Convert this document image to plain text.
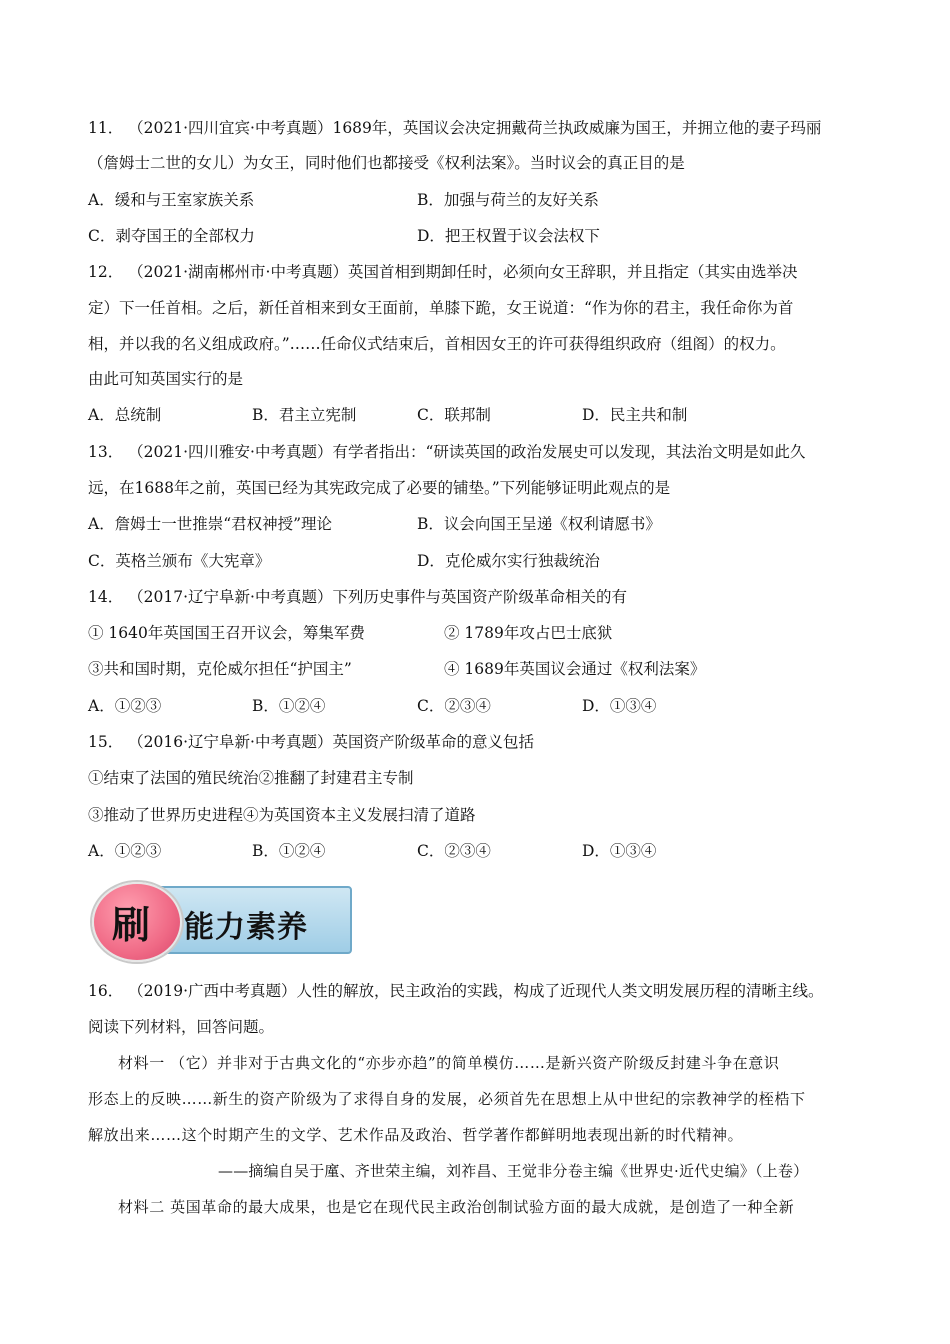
11． （2021·四川宜宾·中考真题）1689年，英国议会决定拥戴荷兰执政威廉为国王，并拥立他的妻子玛丽
（詹姆士二世的女儿）为女王，同时他们也都接受《权利法案》。当时议会的真正目的是
A．缓和与王室家族关系	B．加强与荷兰的友好关系
C．剥夺国王的全部权力	D．把王权置于议会法权下
12． （2021·湖南郴州市·中考真题）英国首相到期卸任时，必须向女王辞职，并且指定（其实由选举决
定）下一任首相。之后，新任首相来到女王面前，单膝下跪，女王说道：“作为你的君主，我任命你为首
相，并以我的名义组成政府。”……任命仪式结束后，首相因女王的许可获得组织政府（组阁）的权力。
由此可知英国实行的是
A．总统制	B．君主立宪制	C．联邦制	D．民主共和制
13． （2021·四川雅安·中考真题）有学者指出：“研读英国的政治发展史可以发现，其法治文明是如此久
远，在1688年之前，英国已经为其宪政完成了必要的铺垫。”下列能够证明此观点的是
A．詹姆士一世推崇“君权神授”理论	B．议会向国王呈递《权利请愿书》
C．英格兰颁布《大宪章》	D．克伦威尔实行独裁统治
14． （2017·辽宁阜新·中考真题）下列历史事件与英国资产阶级革命相关的有
① 1640年英国国王召开议会，筹集军费	② 1789年攻占巴士底狱
③共和国时期，克伦威尔担任“护国主”	④ 1689年英国议会通过《权利法案》
A．①②③	B．①②④	C．②③④	D．①③④
15． （2016·辽宁阜新·中考真题）英国资产阶级革命的意义包括
①结束了法国的殖民统治②推翻了封建君主专制
③推动了世界历史进程④为英国资本主义发展扫清了道路
A．①②③	B．①②④	C．②③④	D．①③④
刷 能力素养
16． （2019·广西中考真题）人性的解放，民主政治的实践，构成了近现代人类文明发展历程的清晰主线。
阅读下列材料，回答问题。
材料一 （它）并非对于古典文化的“亦步亦趋”的简单模仿……是新兴资产阶级反封建斗争在意识
形态上的反映……新生的资产阶级为了求得自身的发展，必须首先在思想上从中世纪的宗教神学的桎梏下
解放出来……这个时期产生的文学、艺术作品及政治、哲学著作都鲜明地表现出新的时代精神。
——摘编自吴于廑、齐世荣主编，刘祚昌、王觉非分卷主编《世界史·近代史编》（上卷）
材料二 英国革命的最大成果，也是它在现代民主政治创制试验方面的最大成就，是创造了一种全新
